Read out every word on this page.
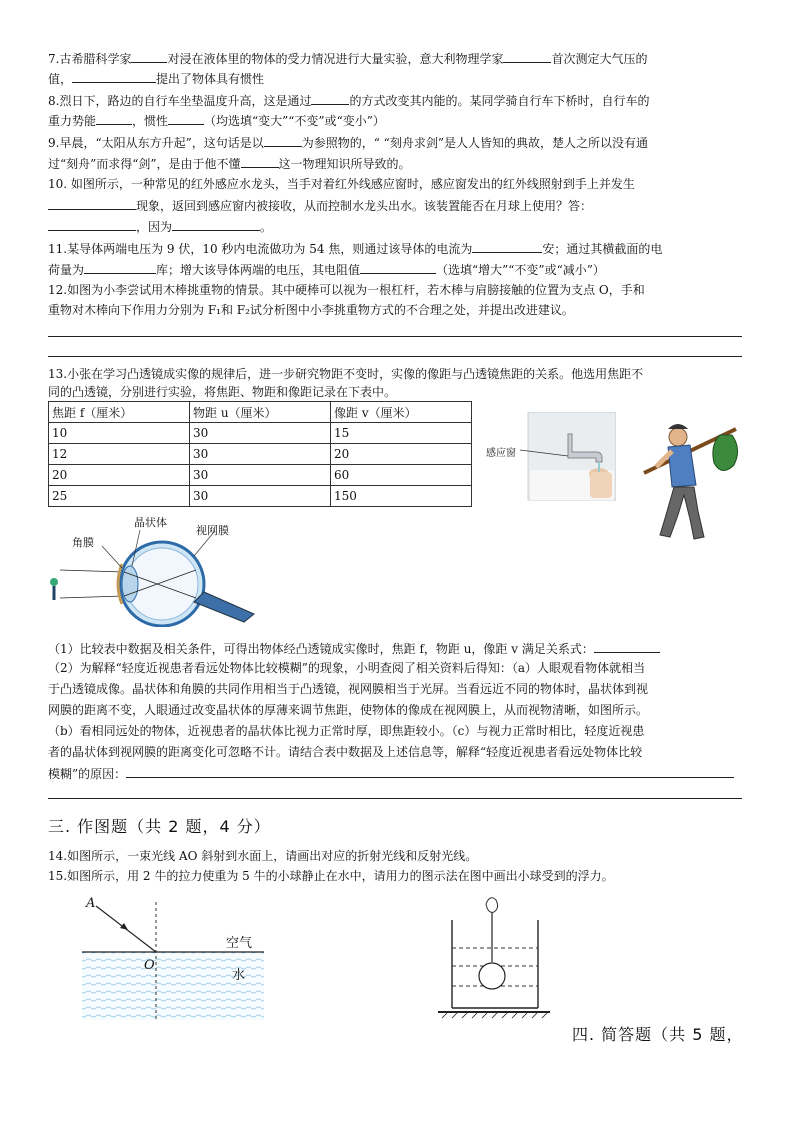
7.古希腊科学家	对浸在液体里的物体的受力情况进行大量实验，意大利物理学家	首次测定大气压的
值，	提出了物体具有惯性
8.烈日下，路边的自行车坐垫温度升高，这是通过	的方式改变其内能的。某同学骑自行车下桥时，自行车的
重力势能	，惯性	（均选填“变大”“不变”或“变小”）
9.早晨，“太阳从东方升起”，这句话是以	为参照物的，“ “刻舟求剑”是人人皆知的典故，楚人之所以没有通
过“刻舟”而求得“剑”，是由于他不懂	这一物理知识所导致的。
10. 如图所示，一种常见的红外感应水龙头，当手对着红外线感应窗时，感应窗发出的红外线照射到手上并发生
现象，返回到感应窗内被接收，从而控制水龙头出水。该装置能否在月球上使用？答：
，因为	。
11.某导体两端电压为 9 伏，10 秒内电流做功为 54 焦，则通过该导体的电流为	安；通过其横截面的电
荷量为	库；增大该导体两端的电压，其电阻值	（选填“增大”“不变”或“减小”）
12.如图为小李尝试用木棒挑重物的情景。其中硬棒可以视为一根杠杆，若木棒与肩膀接触的位置为支点 O，手和
重物对木棒向下作用力分别为 F₁和 F₂试分析图中小李挑重物方式的不合理之处，并提出改进建议。
13.小张在学习凸透镜成实像的规律后，进一步研究物距不变时，实像的像距与凸透镜焦距的关系。他选用焦距不
同的凸透镜，分别进行实验，将焦距、物距和像距记录在下表中。
焦距 f（厘米）	物距 u（厘米）	像距 v（厘米）
10	30	15
12	30	20
20	30	60
25	30	150
感应窗
晶状体
视网膜
角膜
（1）比较表中数据及相关条件，可得出物体经凸透镜成实像时，焦距 f，物距 u，像距 v 满足关系式：
（2）为解释“轻度近视患者看远处物体比较模糊”的现象，小明查阅了相关资料后得知：（a）人眼观看物体就相当
于凸透镜成像。晶状体和角膜的共同作用相当于凸透镜，视网膜相当于光屏。当看远近不同的物体时，晶状体到视
网膜的距离不变，人眼通过改变晶状体的厚薄来调节焦距，使物体的像成在视网膜上，从而视物清晰，如图所示。
（b）看相同远处的物体，近视患者的晶状体比视力正常时厚，即焦距较小。（c）与视力正常时相比，轻度近视患
者的晶状体到视网膜的距离变化可忽略不计。请结合表中数据及上述信息等，解释“轻度近视患者看远处物体比较
模糊”的原因：
三. 作图题（共 2 题，4 分）
14.如图所示，一束光线 AO 斜射到水面上，请画出对应的折射光线和反射光线。
15.如图所示，用 2 牛的拉力使重为 5 牛的小球静止在水中，请用力的图示法在图中画出小球受到的浮力。
A
O
空气
水
四. 简答题（共 5 题，
